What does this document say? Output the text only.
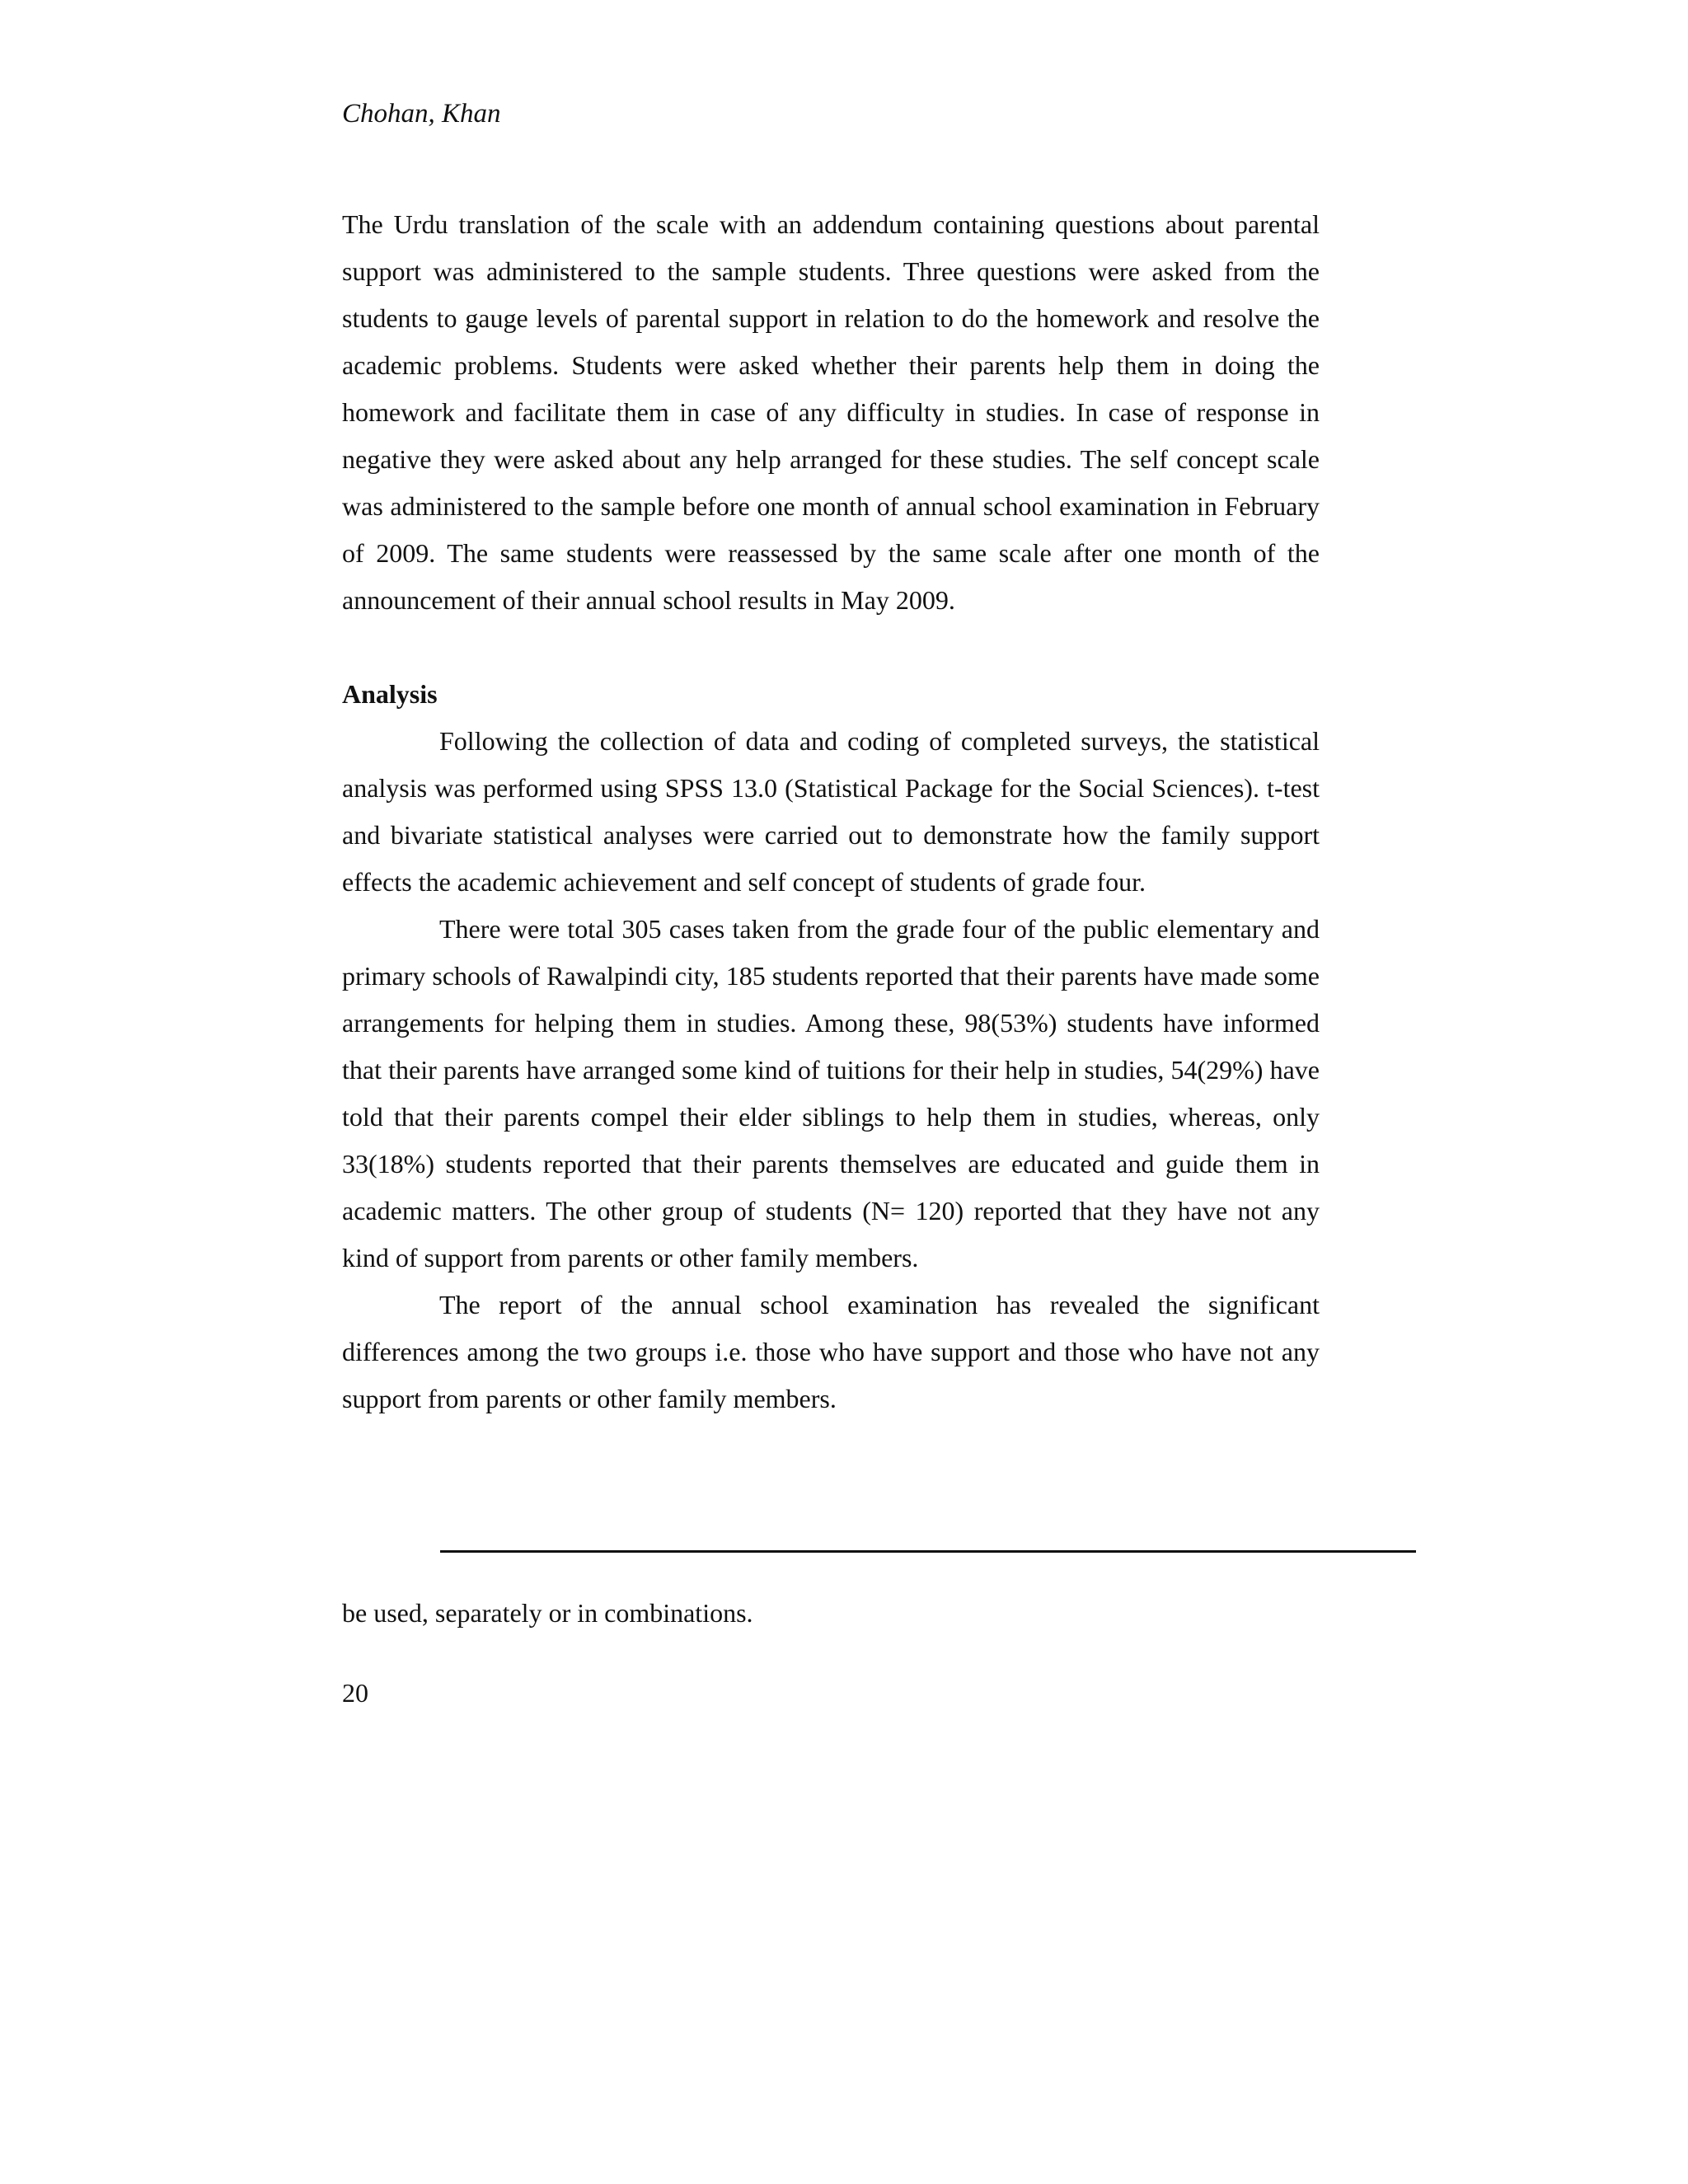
Chohan, Khan

The Urdu translation of the scale with an addendum containing questions about parental support was administered to the sample students. Three questions were asked from the students to gauge levels of parental support in relation to do the homework and resolve the academic problems. Students were asked whether their parents help them in doing the homework and facilitate them in case of any difficulty in studies. In case of response in negative they were asked about any help arranged for these studies. The self concept scale was administered to the sample before one month of annual school examination in February of 2009. The same students were reassessed by the same scale after one month of the announcement of their annual school results in May 2009.

Analysis

Following the collection of data and coding of completed surveys, the statistical analysis was performed using SPSS 13.0 (Statistical Package for the Social Sciences). t-test and bivariate statistical analyses were carried out to demonstrate how the family support effects the academic achievement and self concept of students of grade four.

There were total 305 cases taken from the grade four of the public elementary and primary schools of Rawalpindi city, 185 students reported that their parents have made some arrangements for helping them in studies. Among these, 98(53%) students have informed that their parents have arranged some kind of tuitions for their help in studies, 54(29%) have told that their parents compel their elder siblings to help them in studies, whereas, only 33(18%) students reported that their parents themselves are educated and guide them in academic matters. The other group of students (N= 120) reported that they have not any kind of support from parents or other family members.

The report of the annual school examination has revealed the significant differences among the two groups i.e. those who have support and those who have not any support from parents or other family members.

be used, separately or in combinations.

20
